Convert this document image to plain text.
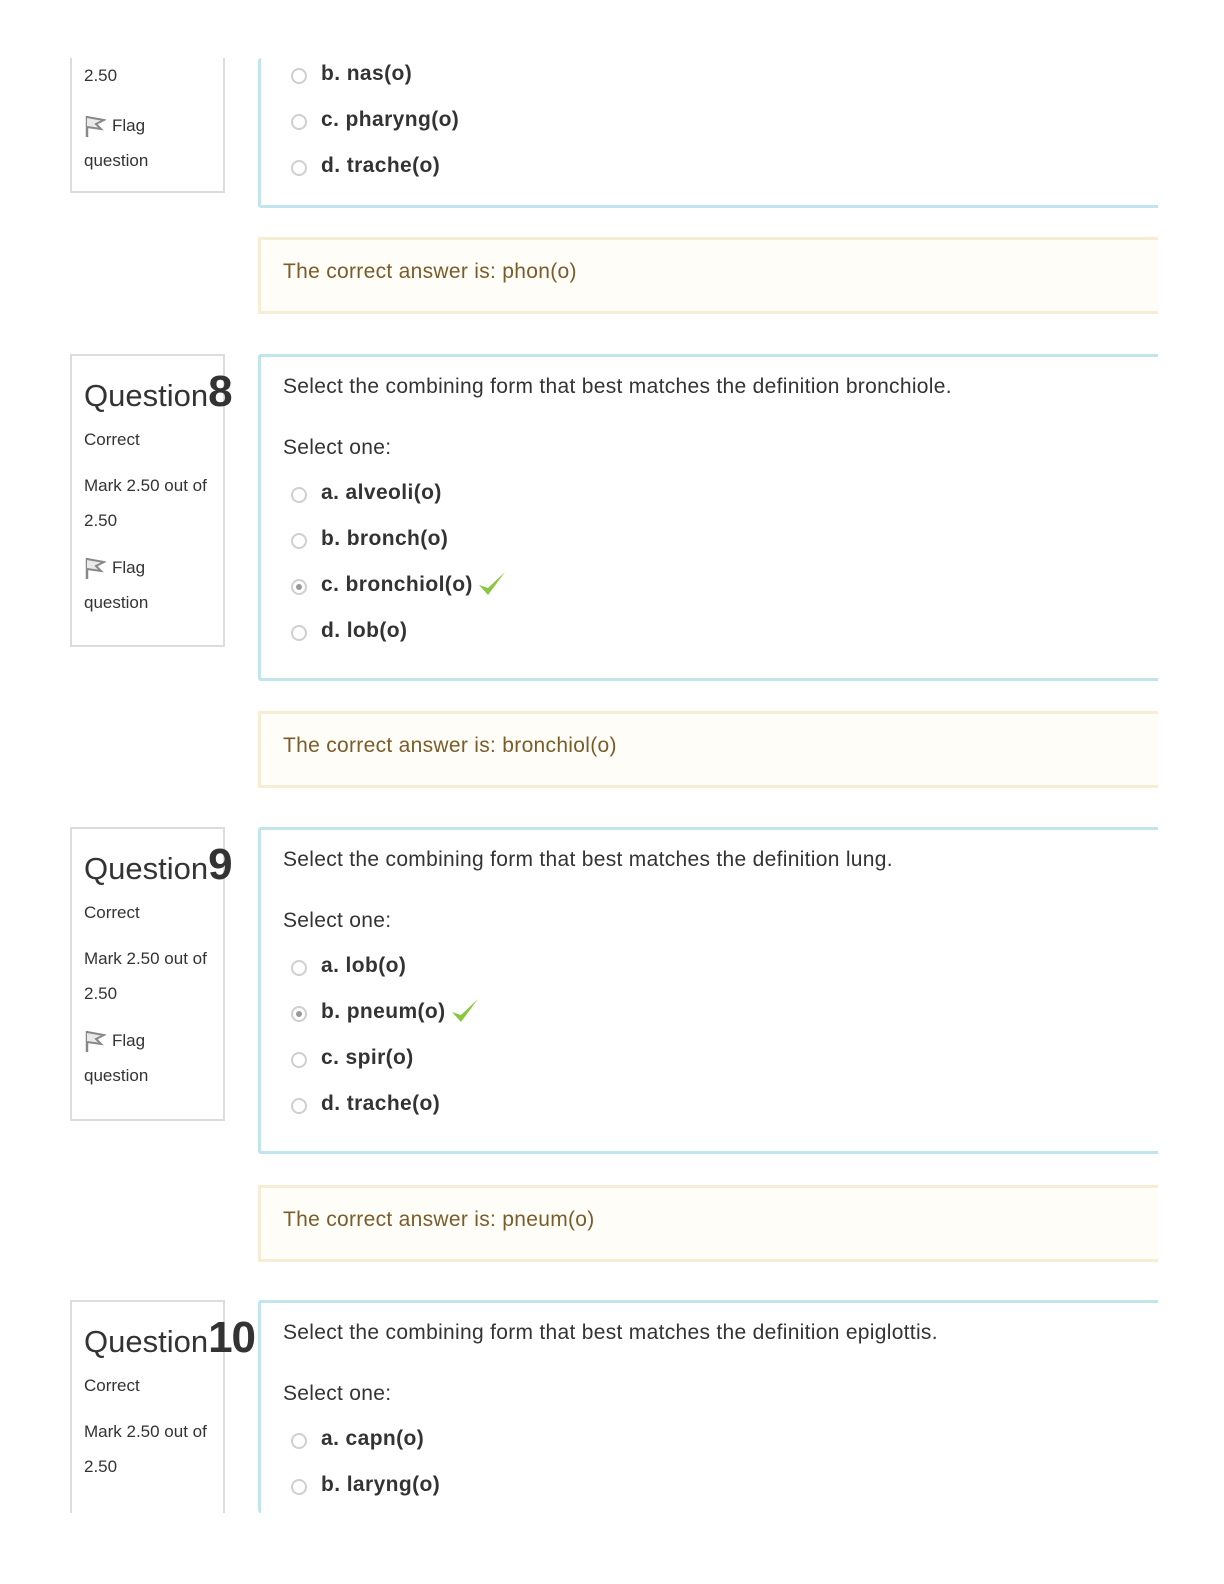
2.50
Flag
question
b. nas(o)
c. pharyng(o)
d. trache(o)
The correct answer is: phon(o)
Question8
Correct
Mark 2.50 out of
2.50
Flag
question
Select the combining form that best matches the definition bronchiole.
Select one:
a. alveoli(o)
b. bronch(o)
c. bronchiol(o)
d. lob(o)
The correct answer is: bronchiol(o)
Question9
Correct
Mark 2.50 out of
2.50
Flag
question
Select the combining form that best matches the definition lung.
Select one:
a. lob(o)
b. pneum(o)
c. spir(o)
d. trache(o)
The correct answer is: pneum(o)
Question10
Correct
Mark 2.50 out of
2.50
Select the combining form that best matches the definition epiglottis.
Select one:
a. capn(o)
b. laryng(o)
